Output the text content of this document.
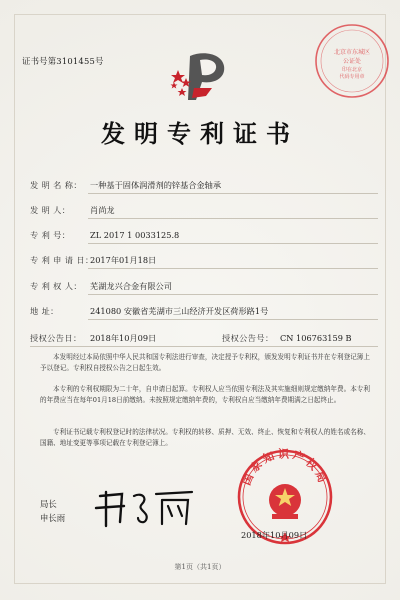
北京市东城区
公证处
印在北京
代码专用章
证书号第3101455号
发明专利证书
发 明 名 称： 一种基于固体润滑剂的锌基合金轴承
发 明 人： 肖尚龙
专 利 号： ZL 2017 1 0033125.8
专 利 申 请 日：
2017年01月18日
专 利 权 人： 芜湖龙兴合金有限公司
地 址：	241080 安徽省芜湖市三山经济开发区荷形路1号
授权公告日： 2018年10月09日	授权公告号： CN 106763159 B
本发明经过本局依照中华人民共和国专利法进行审查，决定授予专利权，颁发发明专利证书并在专利登记簿上予以登记。专利权自授权公告之日起生效。
本专利的专利权期限为二十年，自申请日起算。专利权人应当依照专利法及其实施细则规定缴纳年费。本专利的年费应当在每年01月18日前缴纳。未按照规定缴纳年费的，专利权自应当缴纳年费期满之日起终止。
专利证书记载专利权登记时的法律状况。专利权的转移、质押、无效、终止、恢复和专利权人的姓名或名称、国籍、地址变更等事项记载在专利登记簿上。
局长
申长雨
国家知识产权局
2018年10月09日
第1页（共1页）
